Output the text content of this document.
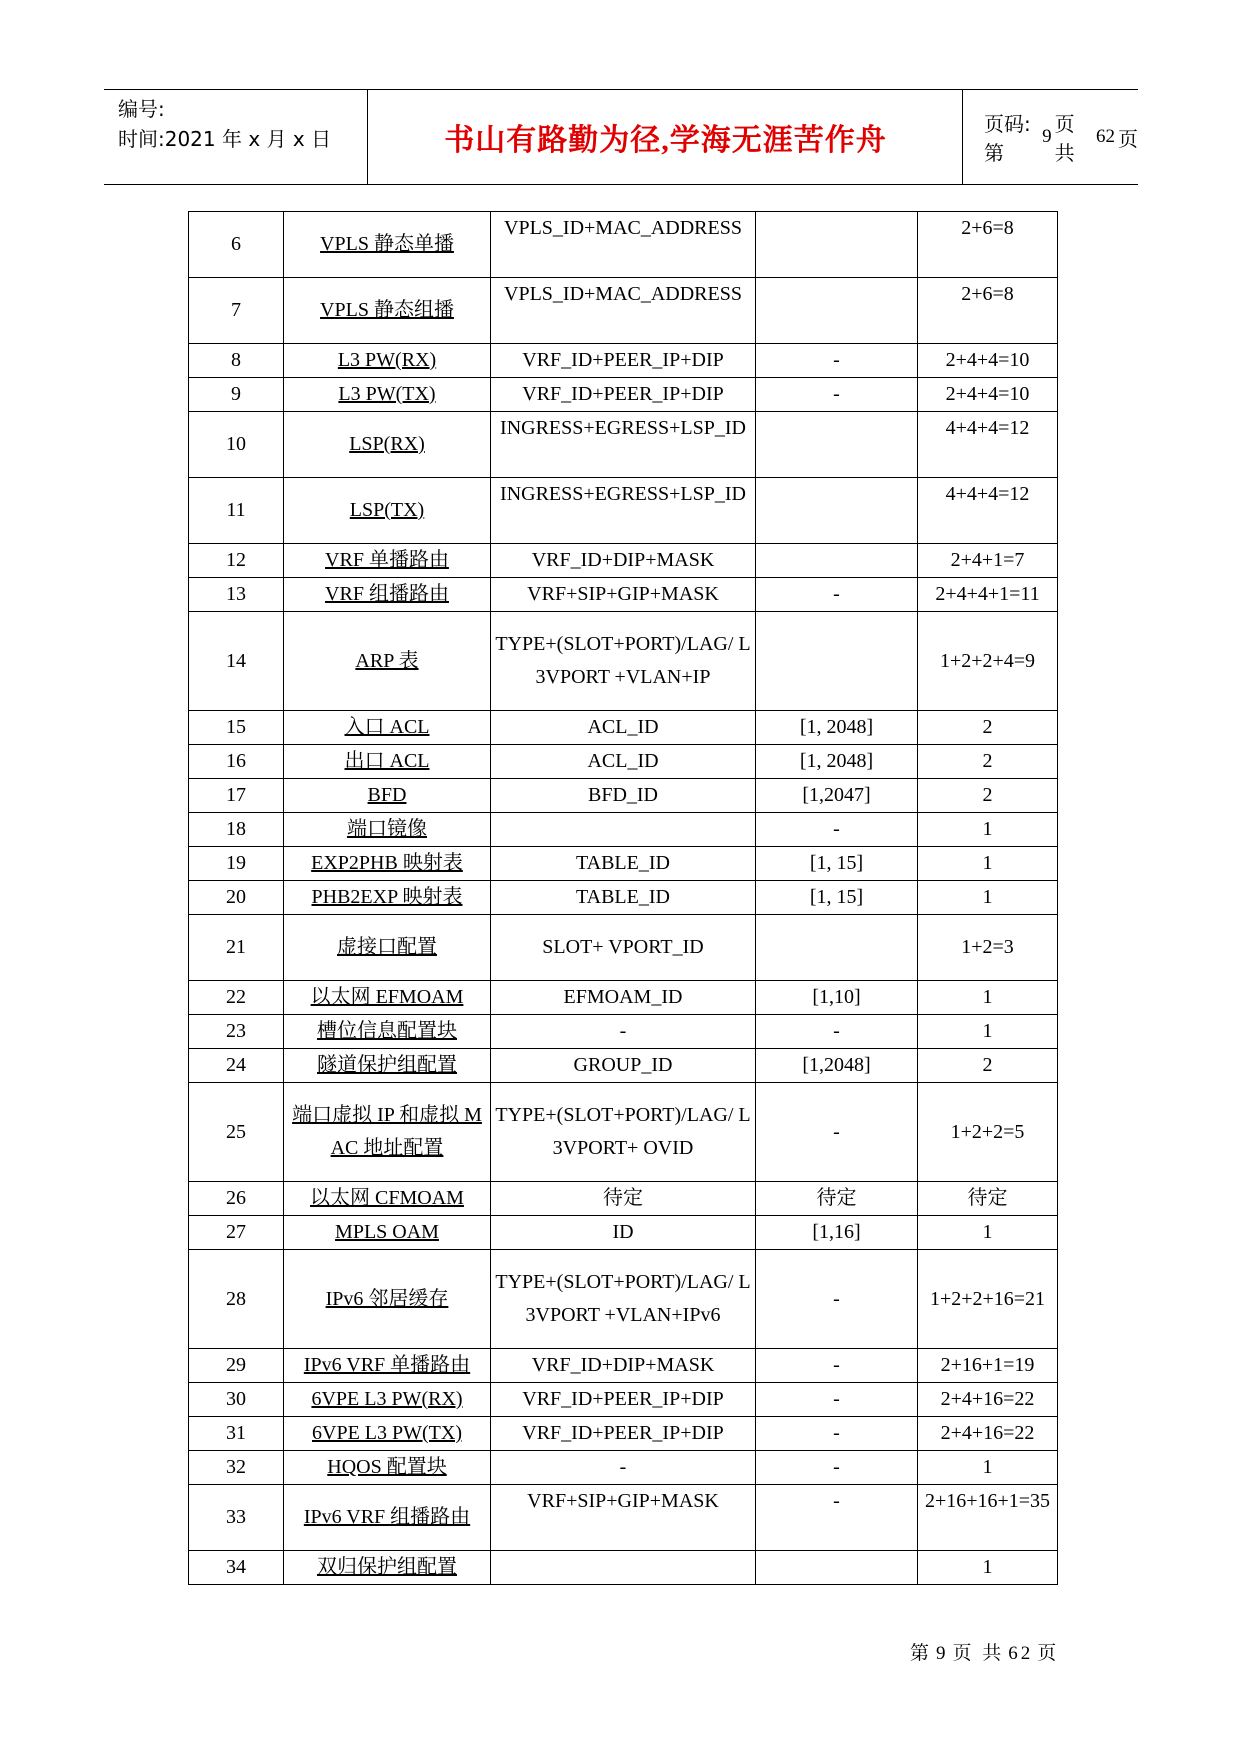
编号:
时间:2021 年 x 月 x 日	书山有路勤为径,学海无涯苦作舟	页码:第
9
页 共
62 页
6	VPLS 静态单播	VPLS_ID+MAC_ADDRESS		2+6=8
7	VPLS 静态组播	VPLS_ID+MAC_ADDRESS		2+6=8
8	L3 PW(RX)	VRF_ID+PEER_IP+DIP	-	2+4+4=10
9	L3 PW(TX)	VRF_ID+PEER_IP+DIP	-	2+4+4=10
10	LSP(RX)	INGRESS+EGRESS+LSP_ID		4+4+4=12
11	LSP(TX)	INGRESS+EGRESS+LSP_ID		4+4+4=12
12	VRF 单播路由	VRF_ID+DIP+MASK		2+4+1=7
13	VRF 组播路由	VRF+SIP+GIP+MASK	-	2+4+4+1=11
14	ARP 表	TYPE+(SLOT+PORT)/LAG/ L3VPORT +VLAN+IP		1+2+2+4=9
15	入口 ACL	ACL_ID	[1, 2048]	2
16	出口 ACL	ACL_ID	[1, 2048]	2
17	BFD	BFD_ID	[1,2047]	2
18	端口镜像		-	1
19	EXP2PHB 映射表	TABLE_ID	[1, 15]	1
20	PHB2EXP 映射表	TABLE_ID	[1, 15]	1
21	虚接口配置	SLOT+ VPORT_ID		1+2=3
22	以太网 EFMOAM	EFMOAM_ID	[1,10]	1
23	槽位信息配置块	-	-	1
24	隧道保护组配置	GROUP_ID	[1,2048]	2
25	端口虚拟 IP 和虚拟 MAC 地址配置	TYPE+(SLOT+PORT)/LAG/ L3VPORT+ OVID	-	1+2+2=5
26	以太网 CFMOAM	待定	待定	待定
27	MPLS OAM	ID	[1,16]	1
28	IPv6 邻居缓存	TYPE+(SLOT+PORT)/LAG/ L3VPORT +VLAN+IPv6	-	1+2+2+16=21
29	IPv6 VRF 单播路由	VRF_ID+DIP+MASK	-	2+16+1=19
30	6VPE L3 PW(RX)	VRF_ID+PEER_IP+DIP	-	2+4+16=22
31	6VPE L3 PW(TX)	VRF_ID+PEER_IP+DIP	-	2+4+16=22
32	HQOS 配置块	-	-	1
33	IPv6 VRF 组播路由	VRF+SIP+GIP+MASK	-	2+16+16+1=35
34	双归保护组配置			1
第 9 页 共 62 页
